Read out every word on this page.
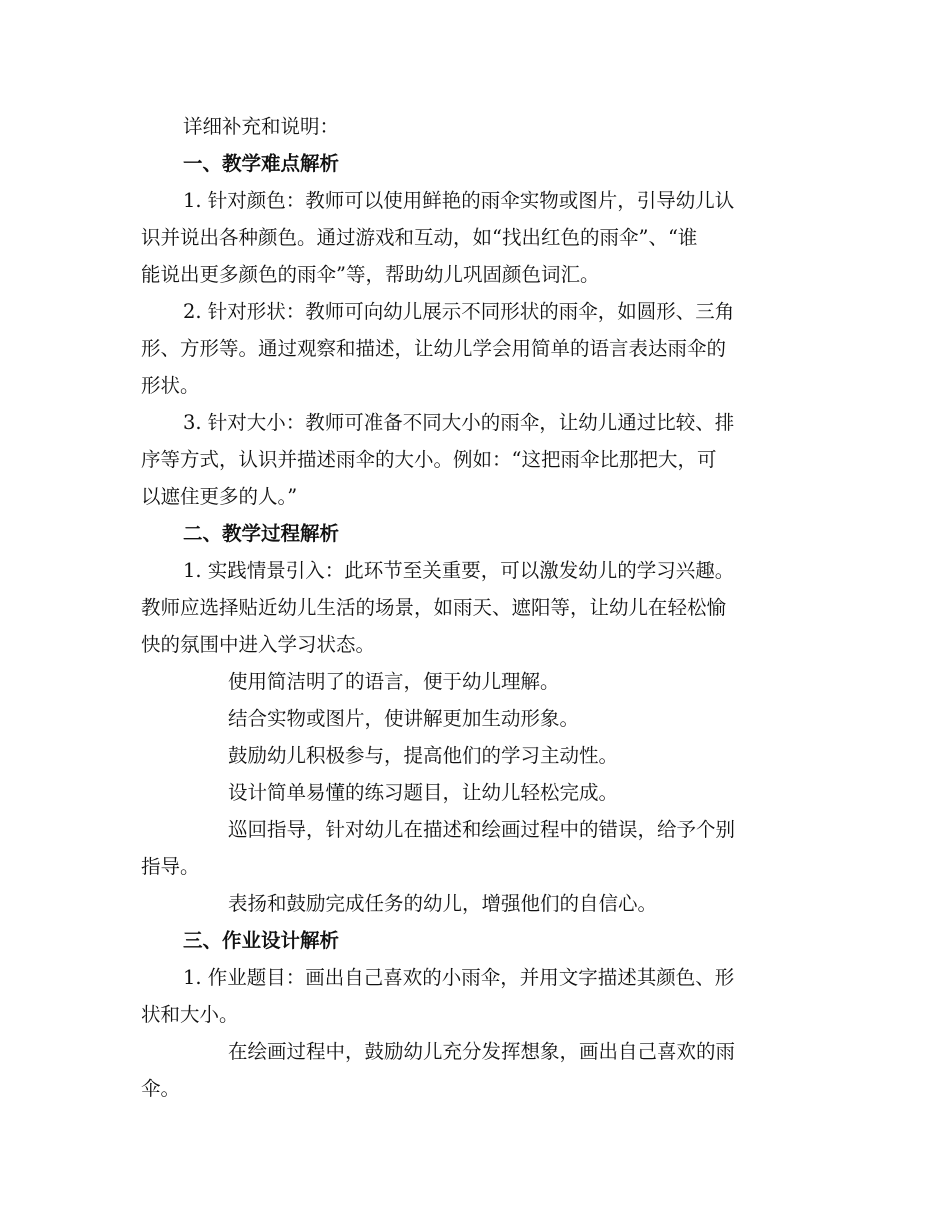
详细补充和说明：
一、教学难点解析
1. 针对颜色：教师可以使用鲜艳的雨伞实物或图片，引导幼儿认
识并说出各种颜色。通过游戏和互动，如“找出红色的雨伞”、“谁
能说出更多颜色的雨伞”等，帮助幼儿巩固颜色词汇。
2. 针对形状：教师可向幼儿展示不同形状的雨伞，如圆形、三角
形、方形等。通过观察和描述，让幼儿学会用简单的语言表达雨伞的
形状。
3. 针对大小：教师可准备不同大小的雨伞，让幼儿通过比较、排
序等方式，认识并描述雨伞的大小。例如：“这把雨伞比那把大，可
以遮住更多的人。”
二、教学过程解析
1. 实践情景引入：此环节至关重要，可以激发幼儿的学习兴趣。
教师应选择贴近幼儿生活的场景，如雨天、遮阳等，让幼儿在轻松愉
快的氛围中进入学习状态。
使用简洁明了的语言，便于幼儿理解。
结合实物或图片，使讲解更加生动形象。
鼓励幼儿积极参与，提高他们的学习主动性。
设计简单易懂的练习题目，让幼儿轻松完成。
巡回指导，针对幼儿在描述和绘画过程中的错误，给予个别
指导。
表扬和鼓励完成任务的幼儿，增强他们的自信心。
三、作业设计解析
1. 作业题目：画出自己喜欢的小雨伞，并用文字描述其颜色、形
状和大小。
在绘画过程中，鼓励幼儿充分发挥想象，画出自己喜欢的雨
伞。
